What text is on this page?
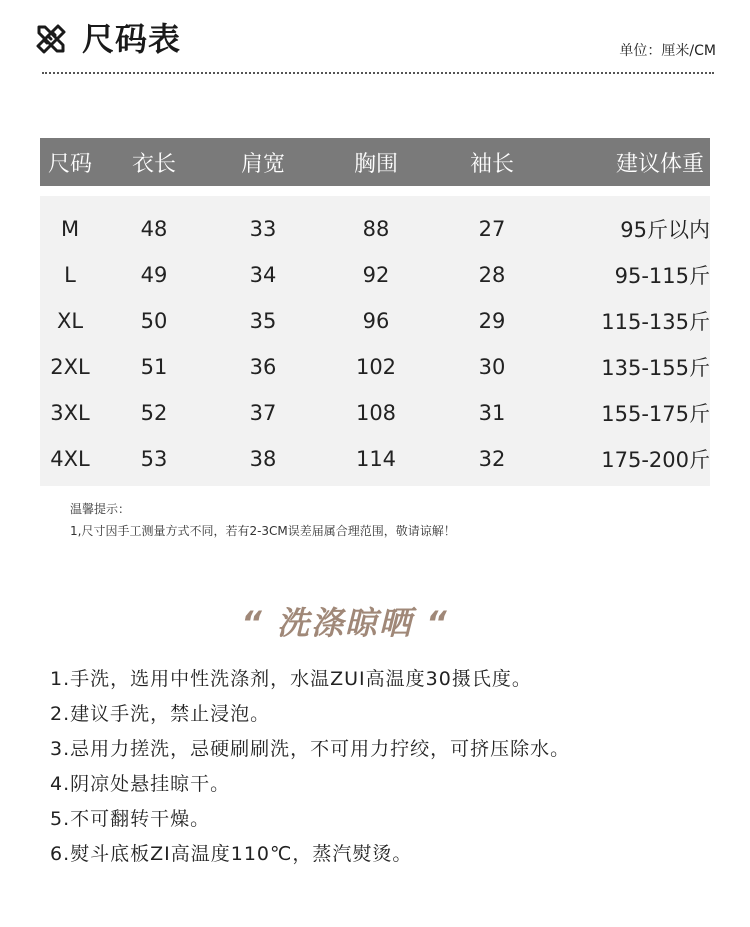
尺码表	单位：厘米/CM
尺码	衣长	肩宽	胸围	袖长	建议体重
M	48	33	88	27	95斤以内
L	49	34	92	28	95-115斤
XL	50	35	96	29	115-135斤
2XL	51	36	102	30	135-155斤
3XL	52	37	108	31	155-175斤
4XL	53	38	114	32	175-200斤
温馨提示：
1,尺寸因手工测量方式不同，若有2-3CM误差届属合理范围，敬请谅解！
“ 洗涤晾晒 “
1.手洗，选用中性洗涤剂，水温ZUI高温度30摄氏度。
2.建议手洗，禁止浸泡。
3.忌用力搓洗，忌硬刷刷洗，不可用力拧绞，可挤压除水。
4.阴凉处悬挂晾干。
5.不可翻转干燥。
6.熨斗底板ZI高温度110℃，蒸汽熨烫。
